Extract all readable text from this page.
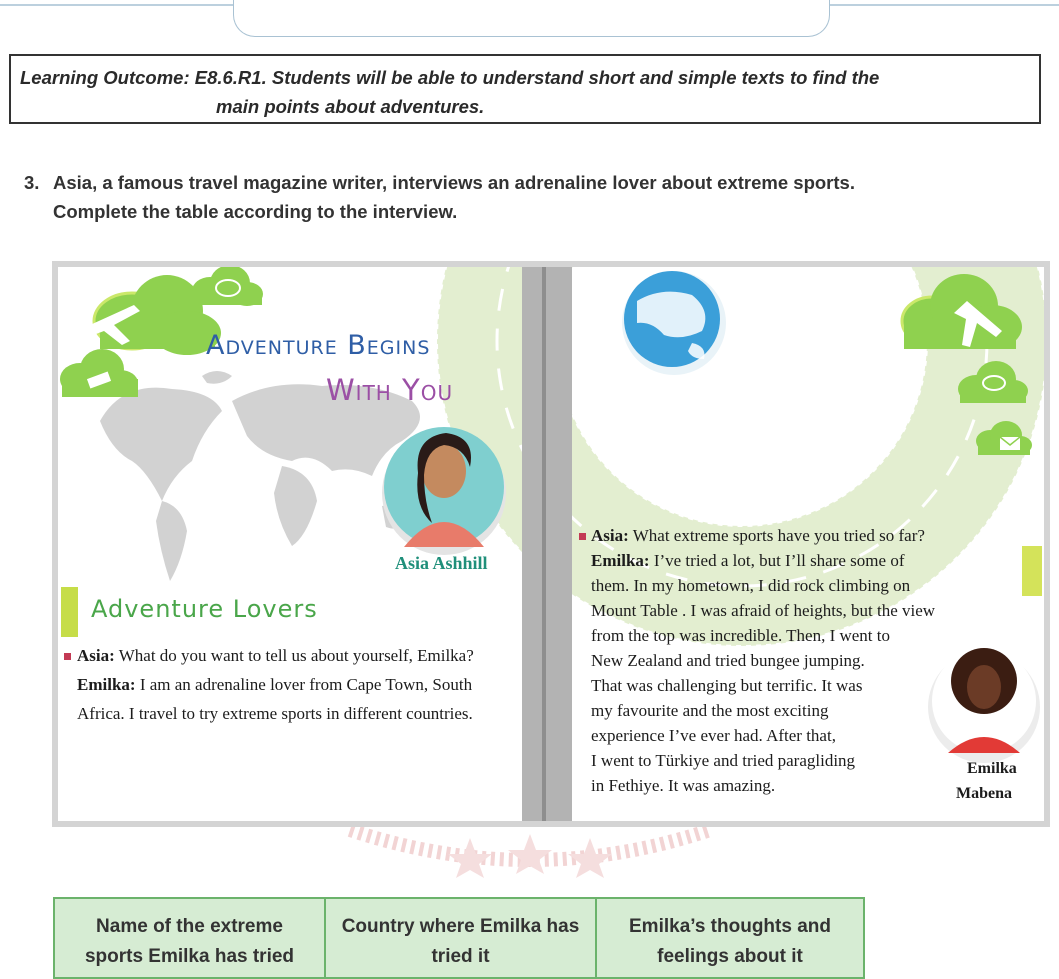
Learning Outcome: E8.6.R1. Students will be able to understand short and simple texts to find the
main points about adventures.
3. Asia, a famous travel magazine writer, interviews an adrenaline lover about extreme sports.
Complete the table according to the interview.
Adventure Begins
With You
Asia Ashhill
Adventure Lovers
Asia: What do you want to tell us about yourself, Emilka?
Emilka: I am an adrenaline lover from Cape Town, South
Africa. I travel to try extreme sports in different countries.
Asia: What extreme sports have you tried so far?
Emilka: I’ve tried a lot, but I’ll share some of
them. In my hometown, I did rock climbing on
Mount Table . I was afraid of heights, but the view
from the top was incredible. Then, I went to
New Zealand and tried bungee jumping.
That was challenging but terrific. It was
my favourite and the most exciting
experience I’ve ever had. After that,
I went to Türkiye and tried paragliding
in Fethiye. It was amazing.
Emilka
Mabena
Name of the extreme sports Emilka has tried
Country where Emilka has tried it
Emilka’s thoughts and feelings about it
